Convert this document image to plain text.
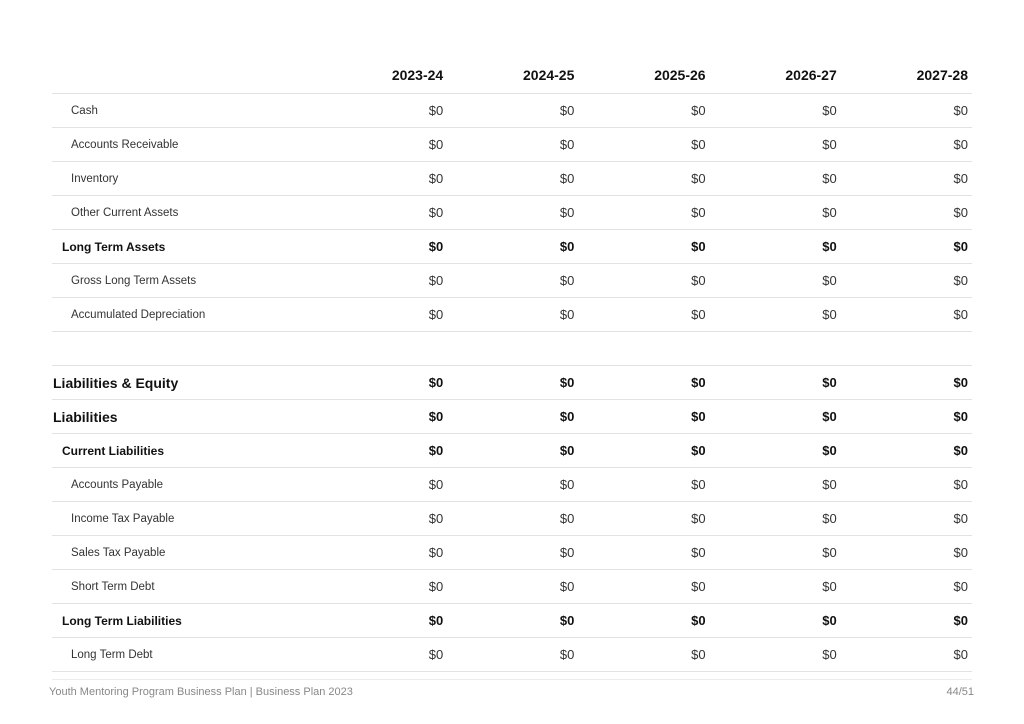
	2023-24	2024-25	2025-26	2026-27	2027-28
Cash	$0	$0	$0	$0	$0
Accounts Receivable	$0	$0	$0	$0	$0
Inventory	$0	$0	$0	$0	$0
Other Current Assets	$0	$0	$0	$0	$0
Long Term Assets	$0	$0	$0	$0	$0
Gross Long Term Assets	$0	$0	$0	$0	$0
Accumulated Depreciation	$0	$0	$0	$0	$0

Liabilities & Equity	$0	$0	$0	$0	$0
Liabilities	$0	$0	$0	$0	$0
Current Liabilities	$0	$0	$0	$0	$0
Accounts Payable	$0	$0	$0	$0	$0
Income Tax Payable	$0	$0	$0	$0	$0
Sales Tax Payable	$0	$0	$0	$0	$0
Short Term Debt	$0	$0	$0	$0	$0
Long Term Liabilities	$0	$0	$0	$0	$0
Long Term Debt	$0	$0	$0	$0	$0
Youth Mentoring Program Business Plan | Business Plan 2023	44/51
